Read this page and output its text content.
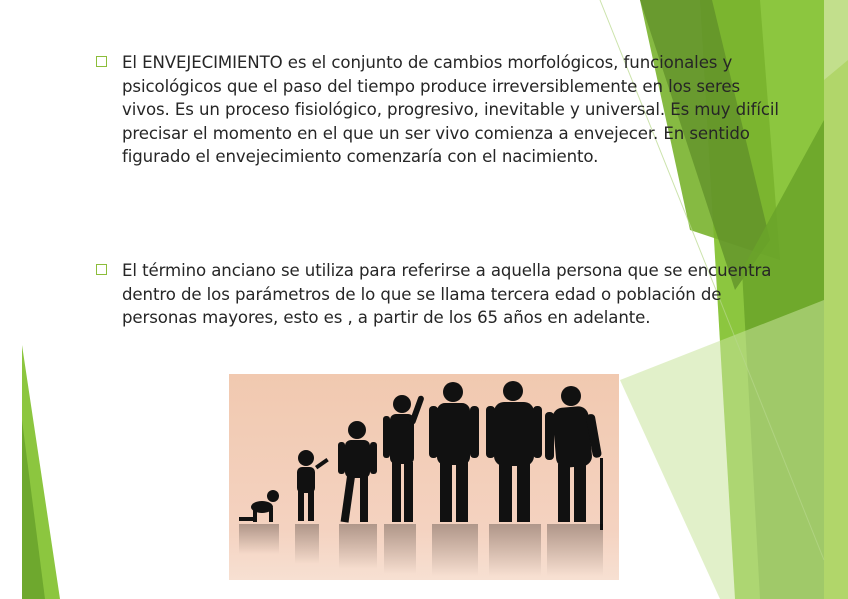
El ENVEJECIMIENTO es el conjunto de cambios morfológicos, funcionales y psicológicos que el paso del tiempo produce irreversiblemente en los seres vivos. Es un proceso fisiológico, progresivo, inevitable y universal. Es muy difícil precisar el momento en el que un ser vivo comienza a envejecer. En sentido figurado el envejecimiento comenzaría con el nacimiento.
El término anciano se utiliza para referirse a aquella persona que se encuentra dentro de los parámetros de lo que se llama tercera edad o población de personas mayores, esto es , a partir de los 65 años en adelante.
